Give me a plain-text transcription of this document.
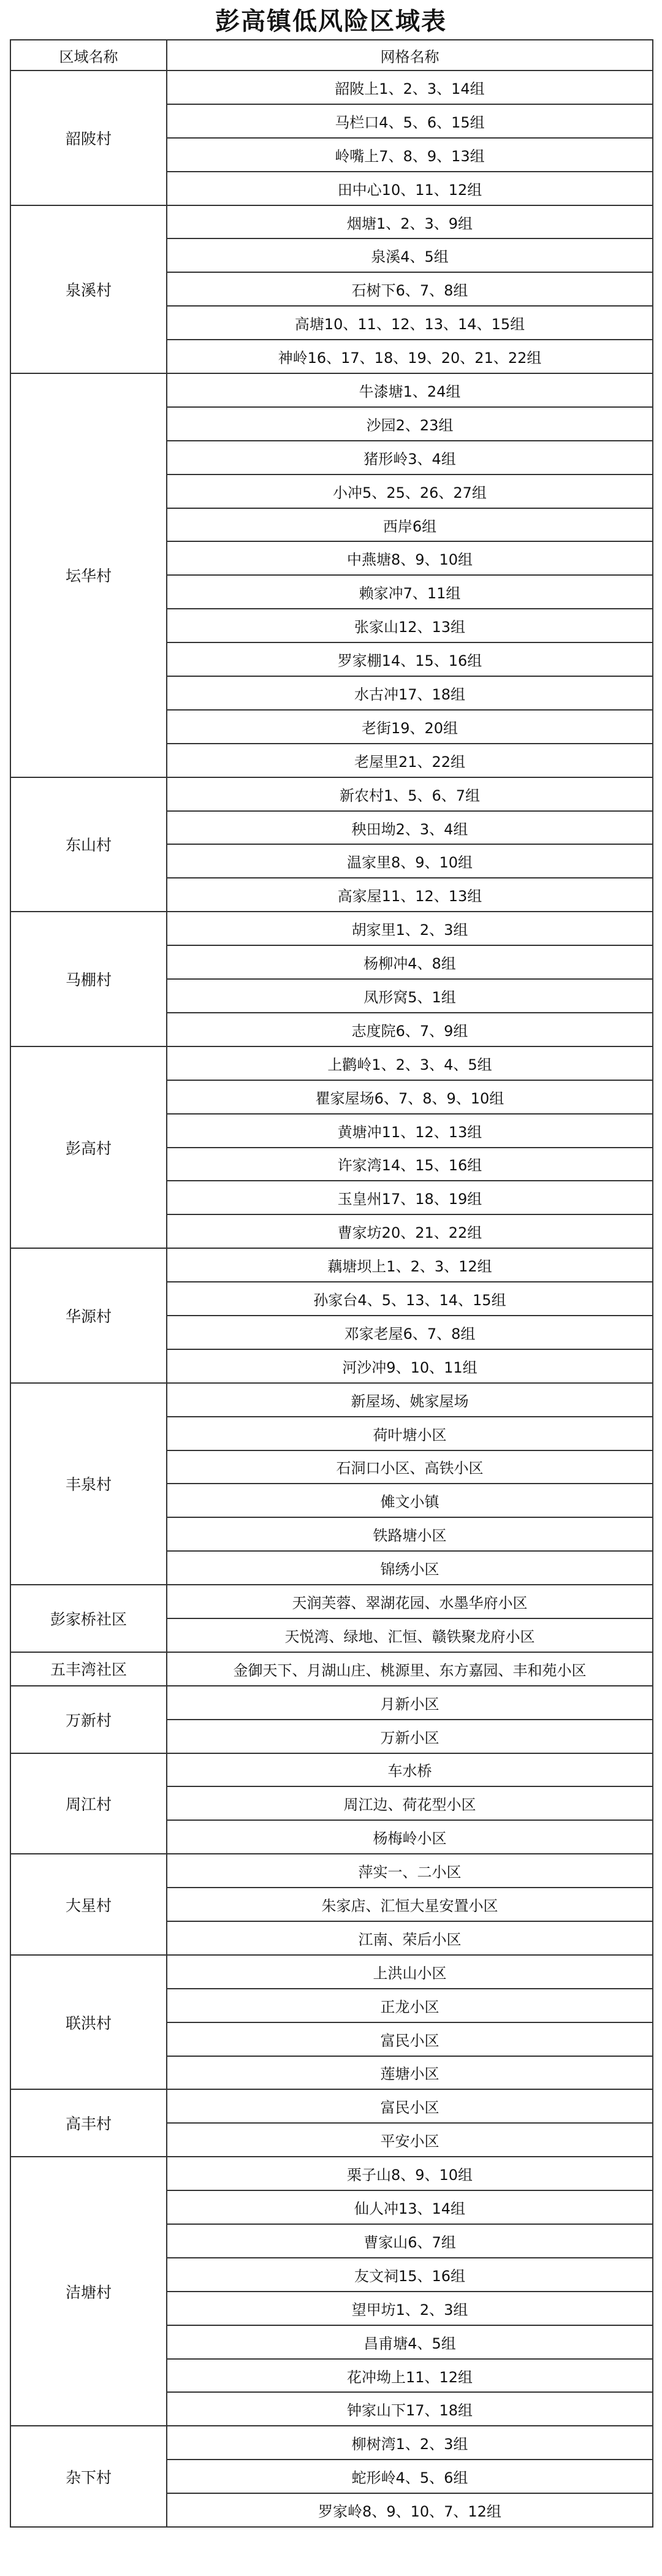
彭高镇低风险区域表
区域名称	网格名称
韶陂村	韶陂上1、2、3、14组
	马栏口4、5、6、15组
	岭嘴上7、8、9、13组
	田中心10、11、12组
泉溪村	烟塘1、2、3、9组
	泉溪4、5组
	石树下6、7、8组
	高塘10、11、12、13、14、15组
	神岭16、17、18、19、20、21、22组
坛华村	牛漆塘1、24组
	沙园2、23组
	猪形岭3、4组
	小冲5、25、26、27组
	西岸6组
	中燕塘8、9、10组
	赖家冲7、11组
	张家山12、13组
	罗家棚14、15、16组
	水古冲17、18组
	老街19、20组
	老屋里21、22组
东山村	新农村1、5、6、7组
	秧田坳2、3、4组
	温家里8、9、10组
	高家屋11、12、13组
马棚村	胡家里1、2、3组
	杨柳冲4、8组
	凤形窝5、1组
	志度院6、7、9组
彭高村	上鹳岭1、2、3、4、5组
	瞿家屋场6、7、8、9、10组
	黄塘冲11、12、13组
	许家湾14、15、16组
	玉皇州17、18、19组
	曹家坊20、21、22组
华源村	藕塘坝上1、2、3、12组
	孙家台4、5、13、14、15组
	邓家老屋6、7、8组
	河沙冲9、10、11组
丰泉村	新屋场、姚家屋场
	荷叶塘小区
	石洞口小区、高铁小区
	傩文小镇
	铁路塘小区
	锦绣小区
彭家桥社区	天润芙蓉、翠湖花园、水墨华府小区
	天悦湾、绿地、汇恒、赣铁聚龙府小区
五丰湾社区	金御天下、月湖山庄、桃源里、东方嘉园、丰和苑小区
万新村	月新小区
	万新小区
周江村	车水桥
	周江边、荷花型小区
	杨梅岭小区
大星村	萍实一、二小区
	朱家店、汇恒大星安置小区
	江南、荣后小区
联洪村	上洪山小区
	正龙小区
	富民小区
	莲塘小区
高丰村	富民小区
	平安小区
洁塘村	栗子山8、9、10组
	仙人冲13、14组
	曹家山6、7组
	友文祠15、16组
	望甲坊1、2、3组
	昌甫塘4、5组
	花冲坳上11、12组
	钟家山下17、18组
杂下村	柳树湾1、2、3组
	蛇形岭4、5、6组
	罗家岭8、9、10、7、12组
